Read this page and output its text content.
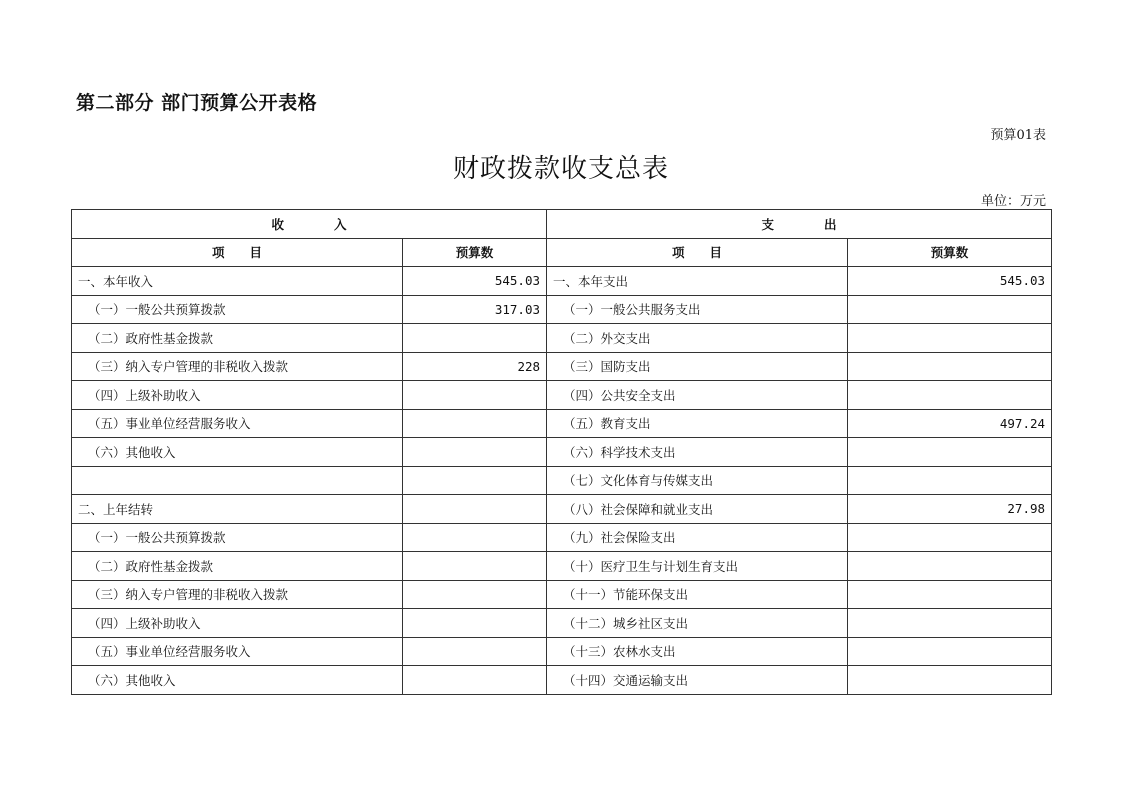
第二部分 部门预算公开表格
预算01表
财政拨款收支总表
单位：万元
收　　　　入		支　　　　出	
项　　目	预算数	项　　目	预算数
一、本年收入	545.03	一、本年支出	545.03
（一）一般公共预算拨款	317.03	（一）一般公共服务支出	
（二）政府性基金拨款		（二）外交支出	
（三）纳入专户管理的非税收入拨款	228	（三）国防支出	
（四）上级补助收入		（四）公共安全支出	
（五）事业单位经营服务收入		（五）教育支出	497.24
（六）其他收入		（六）科学技术支出	
		（七）文化体育与传媒支出	
二、上年结转		（八）社会保障和就业支出	27.98
（一）一般公共预算拨款		（九）社会保险支出	
（二）政府性基金拨款		（十）医疗卫生与计划生育支出	
（三）纳入专户管理的非税收入拨款		（十一）节能环保支出	
（四）上级补助收入		（十二）城乡社区支出	
（五）事业单位经营服务收入		（十三）农林水支出	
（六）其他收入		（十四）交通运输支出	
